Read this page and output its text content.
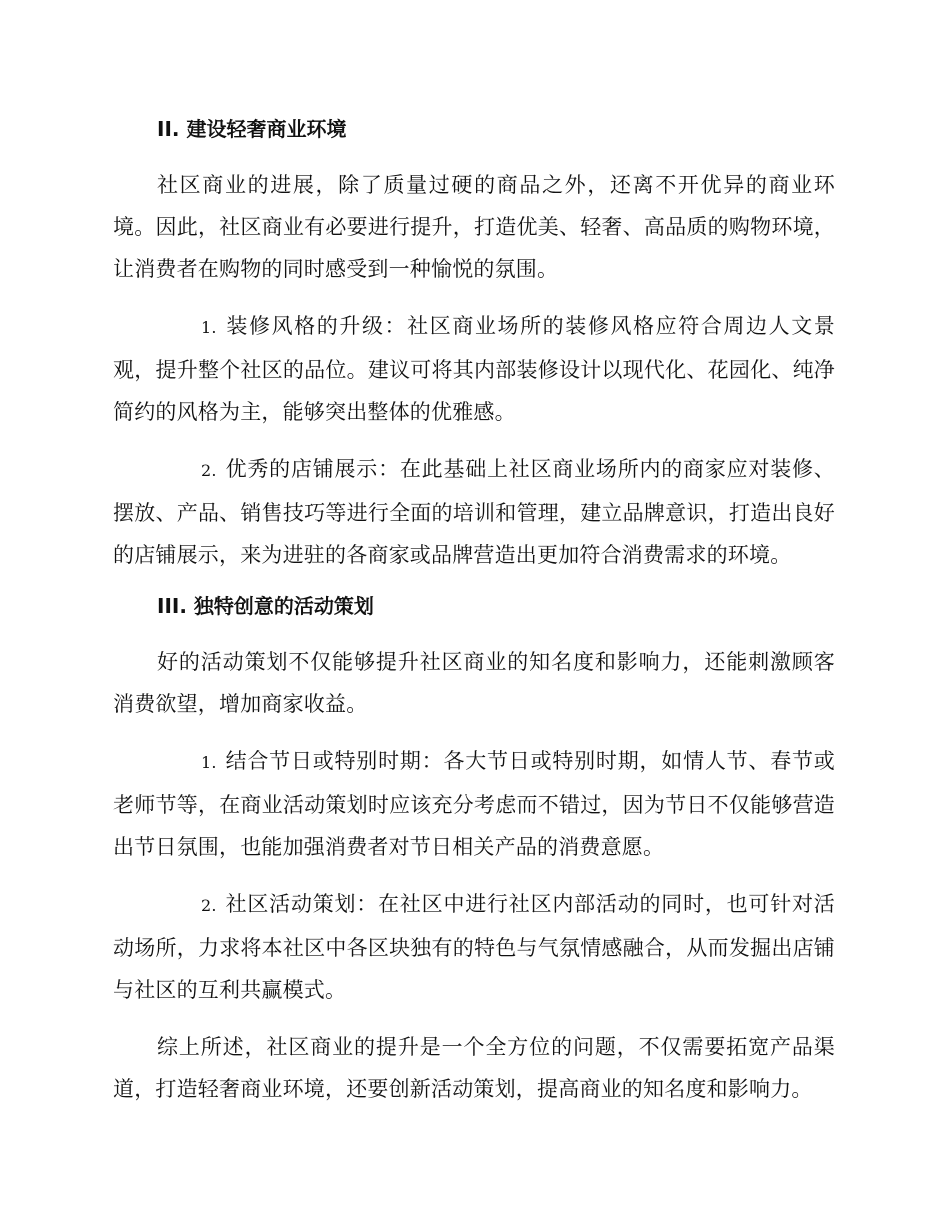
II. 建设轻奢商业环境

社区商业的进展，除了质量过硬的商品之外，还离不开优异的商业环境。因此，社区商业有必要进行提升，打造优美、轻奢、高品质的购物环境，让消费者在购物的同时感受到一种愉悦的氛围。

1. 装修风格的升级：社区商业场所的装修风格应符合周边人文景观，提升整个社区的品位。建议可将其内部装修设计以现代化、花园化、纯净简约的风格为主，能够突出整体的优雅感。

2. 优秀的店铺展示：在此基础上社区商业场所内的商家应对装修、摆放、产品、销售技巧等进行全面的培训和管理，建立品牌意识，打造出良好的店铺展示，来为进驻的各商家或品牌营造出更加符合消费需求的环境。

III. 独特创意的活动策划

好的活动策划不仅能够提升社区商业的知名度和影响力，还能刺激顾客消费欲望，增加商家收益。

1. 结合节日或特别时期：各大节日或特别时期，如情人节、春节或老师节等，在商业活动策划时应该充分考虑而不错过，因为节日不仅能够营造出节日氛围，也能加强消费者对节日相关产品的消费意愿。

2. 社区活动策划：在社区中进行社区内部活动的同时，也可针对活动场所，力求将本社区中各区块独有的特色与气氛情感融合，从而发掘出店铺与社区的互利共赢模式。

综上所述，社区商业的提升是一个全方位的问题，不仅需要拓宽产品渠道，打造轻奢商业环境，还要创新活动策划，提高商业的知名度和影响力。
